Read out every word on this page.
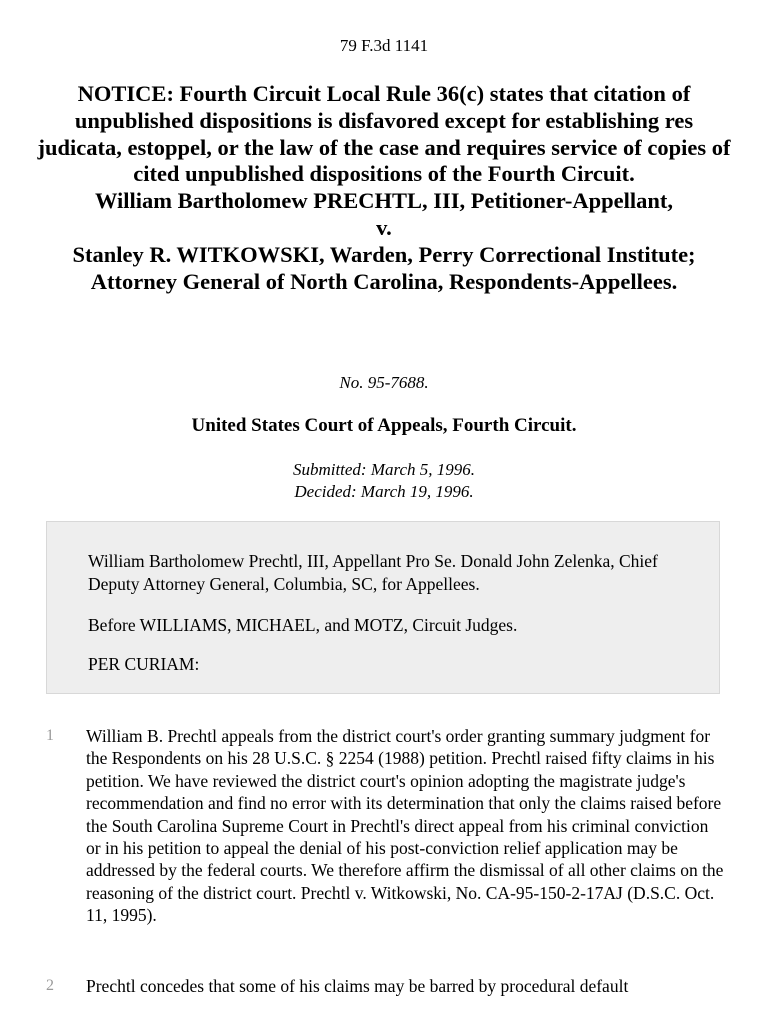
79 F.3d 1141
NOTICE: Fourth Circuit Local Rule 36(c) states that citation of unpublished dispositions is disfavored except for establishing res judicata, estoppel, or the law of the case and requires service of copies of cited unpublished dispositions of the Fourth Circuit.
William Bartholomew PRECHTL, III, Petitioner-Appellant,
v.
Stanley R. WITKOWSKI, Warden, Perry Correctional Institute;
Attorney General of North Carolina, Respondents-Appellees.
No. 95-7688.
United States Court of Appeals, Fourth Circuit.
Submitted: March 5, 1996.
Decided: March 19, 1996.

William Bartholomew Prechtl, III, Appellant Pro Se. Donald John Zelenka, Chief Deputy Attorney General, Columbia, SC, for Appellees.

Before WILLIAMS, MICHAEL, and MOTZ, Circuit Judges.

PER CURIAM:

1 William B. Prechtl appeals from the district court's order granting summary judgment for the Respondents on his 28 U.S.C. § 2254 (1988) petition. Prechtl raised fifty claims in his petition. We have reviewed the district court's opinion adopting the magistrate judge's recommendation and find no error with its determination that only the claims raised before the South Carolina Supreme Court in Prechtl's direct appeal from his criminal conviction or in his petition to appeal the denial of his post-conviction relief application may be addressed by the federal courts. We therefore affirm the dismissal of all other claims on the reasoning of the district court. Prechtl v. Witkowski, No. CA-95-150-2-17AJ (D.S.C. Oct. 11, 1995).

2 Prechtl concedes that some of his claims may be barred by procedural default
